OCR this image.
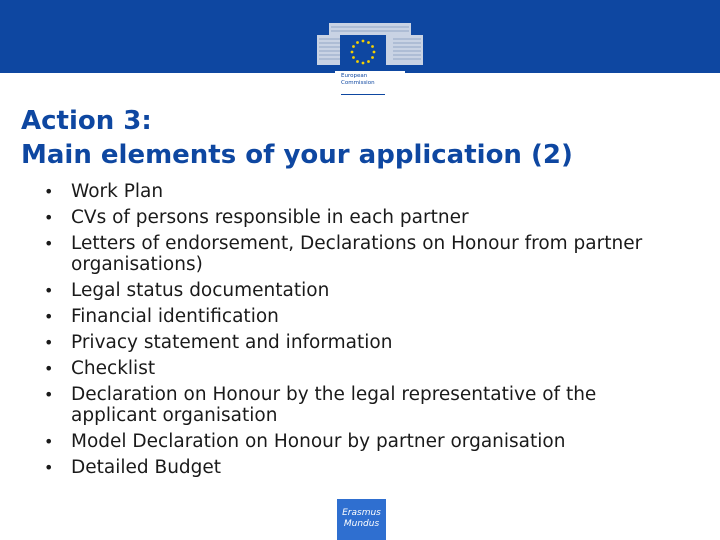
European
Commission
Action 3:
Main elements of your application (2)
• Work Plan
• CVs of persons responsible in each partner
• Letters of endorsement, Declarations on Honour from partner organisations)
• Legal status documentation
• Financial identification
• Privacy statement and information
• Checklist
• Declaration on Honour by the legal representative of the applicant organisation
• Model Declaration on Honour by partner organisation
• Detailed Budget
Erasmus
Mundus
